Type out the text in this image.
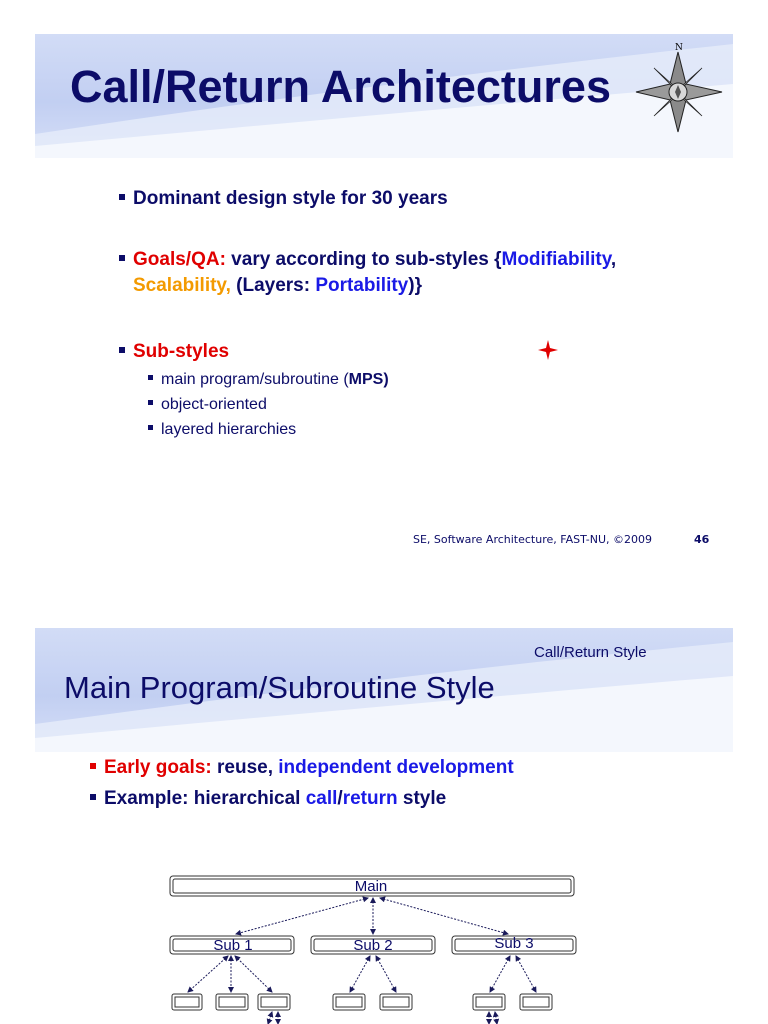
Call/Return Architectures
N
Dominant design style for 30 years
Goals/QA: vary according to sub-styles {Modifiability,
Scalability, (Layers: Portability)}
Sub-styles
main program/subroutine (MPS)
object-oriented
layered hierarchies
SE, Software Architecture, FAST-NU, ©2009	46
Call/Return Style
Main Program/Subroutine Style
Early goals: reuse, independent development
Example: hierarchical call/return style
Main
Sub 1	Sub 2	Sub 3
